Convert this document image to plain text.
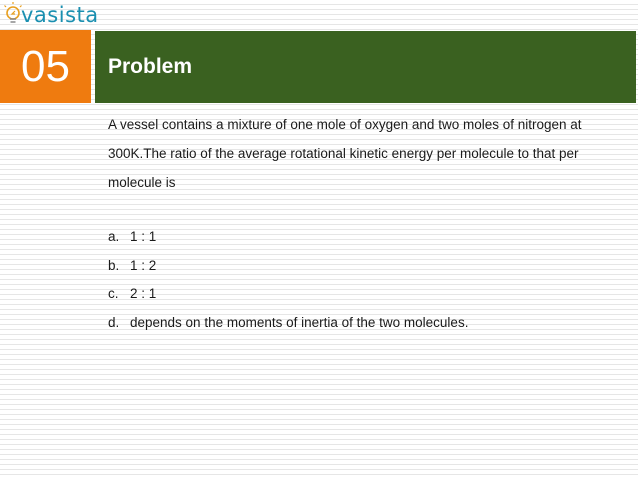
vasista
05 Problem
A vessel contains a mixture of one mole of oxygen and two moles of nitrogen at 300K.The ratio of the average rotational kinetic energy per molecule to that per molecule is
a. 1 : 1
b. 1 : 2
c. 2 : 1
d. depends on the moments of inertia of the two molecules.
